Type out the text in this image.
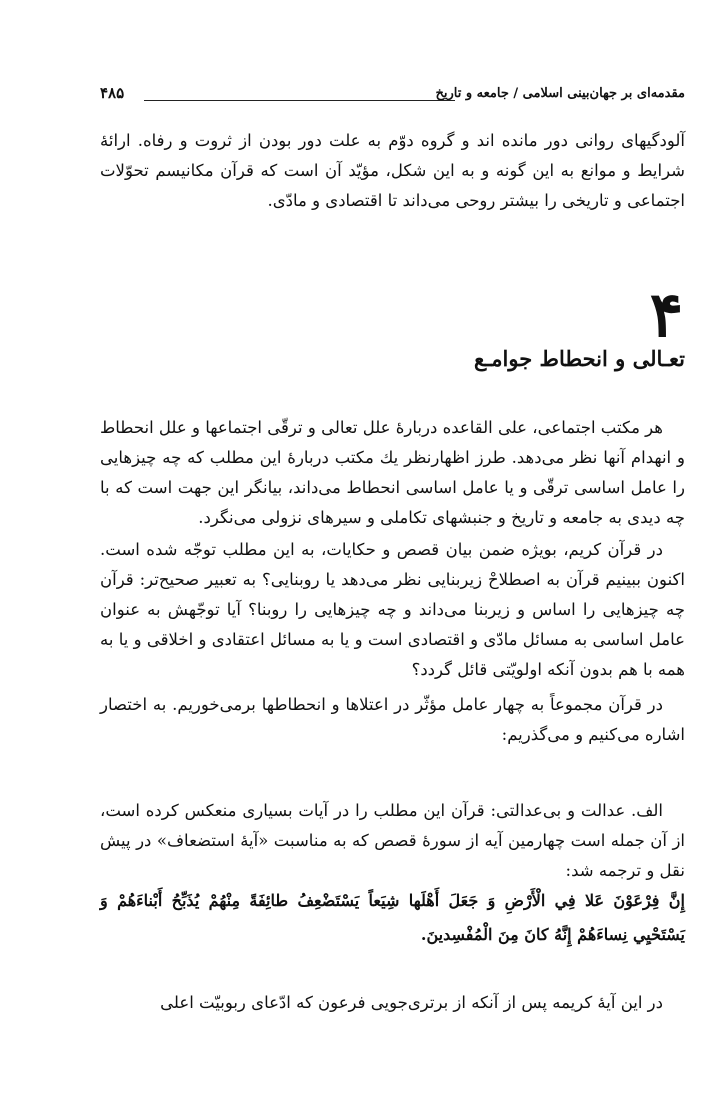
مقدمه‌ای بر جهان‌بینی اسلامی / جامعه و تاریخ
۴۸۵

آلودگیهای روانی دور مانده اند و گروه دوّم به علت دور بودن از ثروت و رفاه. ارائهٔ شرایط و موانع به این گونه و به این شکل، مؤیّد آن است که قرآن مکانیسم تحوّلات اجتماعی و تاریخی را بیشتر روحی می‌داند تا اقتصادی و مادّی.

۴
تعـالی و انحطاط جوامـع

هر مکتب اجتماعی، علی القاعده دربارهٔ علل تعالی و ترقّی اجتماعها و علل انحطاط و انهدام آنها نظر می‌دهد. طرز اظهارنظر یك مکتب دربارهٔ این مطلب که چه چیزهایی را عامل اساسی ترقّی و یا عامل اساسی انحطاط می‌داند، بیانگر این جهت است که با چه دیدی به جامعه و تاریخ و جنبشهای تکاملی و سیرهای نزولی می‌نگرد.

در قرآن کریم، بویژه ضمن بیان قصص و حکایات، به این مطلب توجّه شده است. اکنون ببینیم قرآن به اصطلاحْ زیربنایی نظر می‌دهد یا روبنایی؟ به تعبیر صحیح‌تر: قرآن چه چیزهایی را اساس و زیربنا می‌داند و چه چیزهایی را روبنا؟ آیا توجّهش به عنوان عامل اساسی به مسائل مادّی و اقتصادی است و یا به مسائل اعتقادی و اخلاقی و یا به همه با هم بدون آنکه اولویّتی قائل گردد؟

در قرآن مجموعاً به چهار عامل مؤثّر در اعتلاها و انحطاطها برمی‌خوریم. به اختصار اشاره می‌کنیم و می‌گذریم:

الف. عدالت و بی‌عدالتی: قرآن این مطلب را در آیات بسیاری منعکس کرده است، از آن جمله است چهارمین آیه از سورهٔ قصص که به مناسبت «آیهٔ استضعاف» در پیش نقل و ترجمه شد:

إِنَّ فِرْعَوْنَ عَلا فِي الْأَرْضِ وَ جَعَلَ أَهْلَها شِيَعاً يَسْتَضْعِفُ طائِفَةً مِنْهُمْ يُذَبِّحُ أَبْناءَهُمْ وَ يَسْتَحْيِي نِساءَهُمْ إِنَّهُ كانَ مِنَ الْمُفْسِدينَ.

در این آیهٔ کریمه پس از آنکه از برتری‌جویی فرعون که ادّعای ربوبیّت اعلی
